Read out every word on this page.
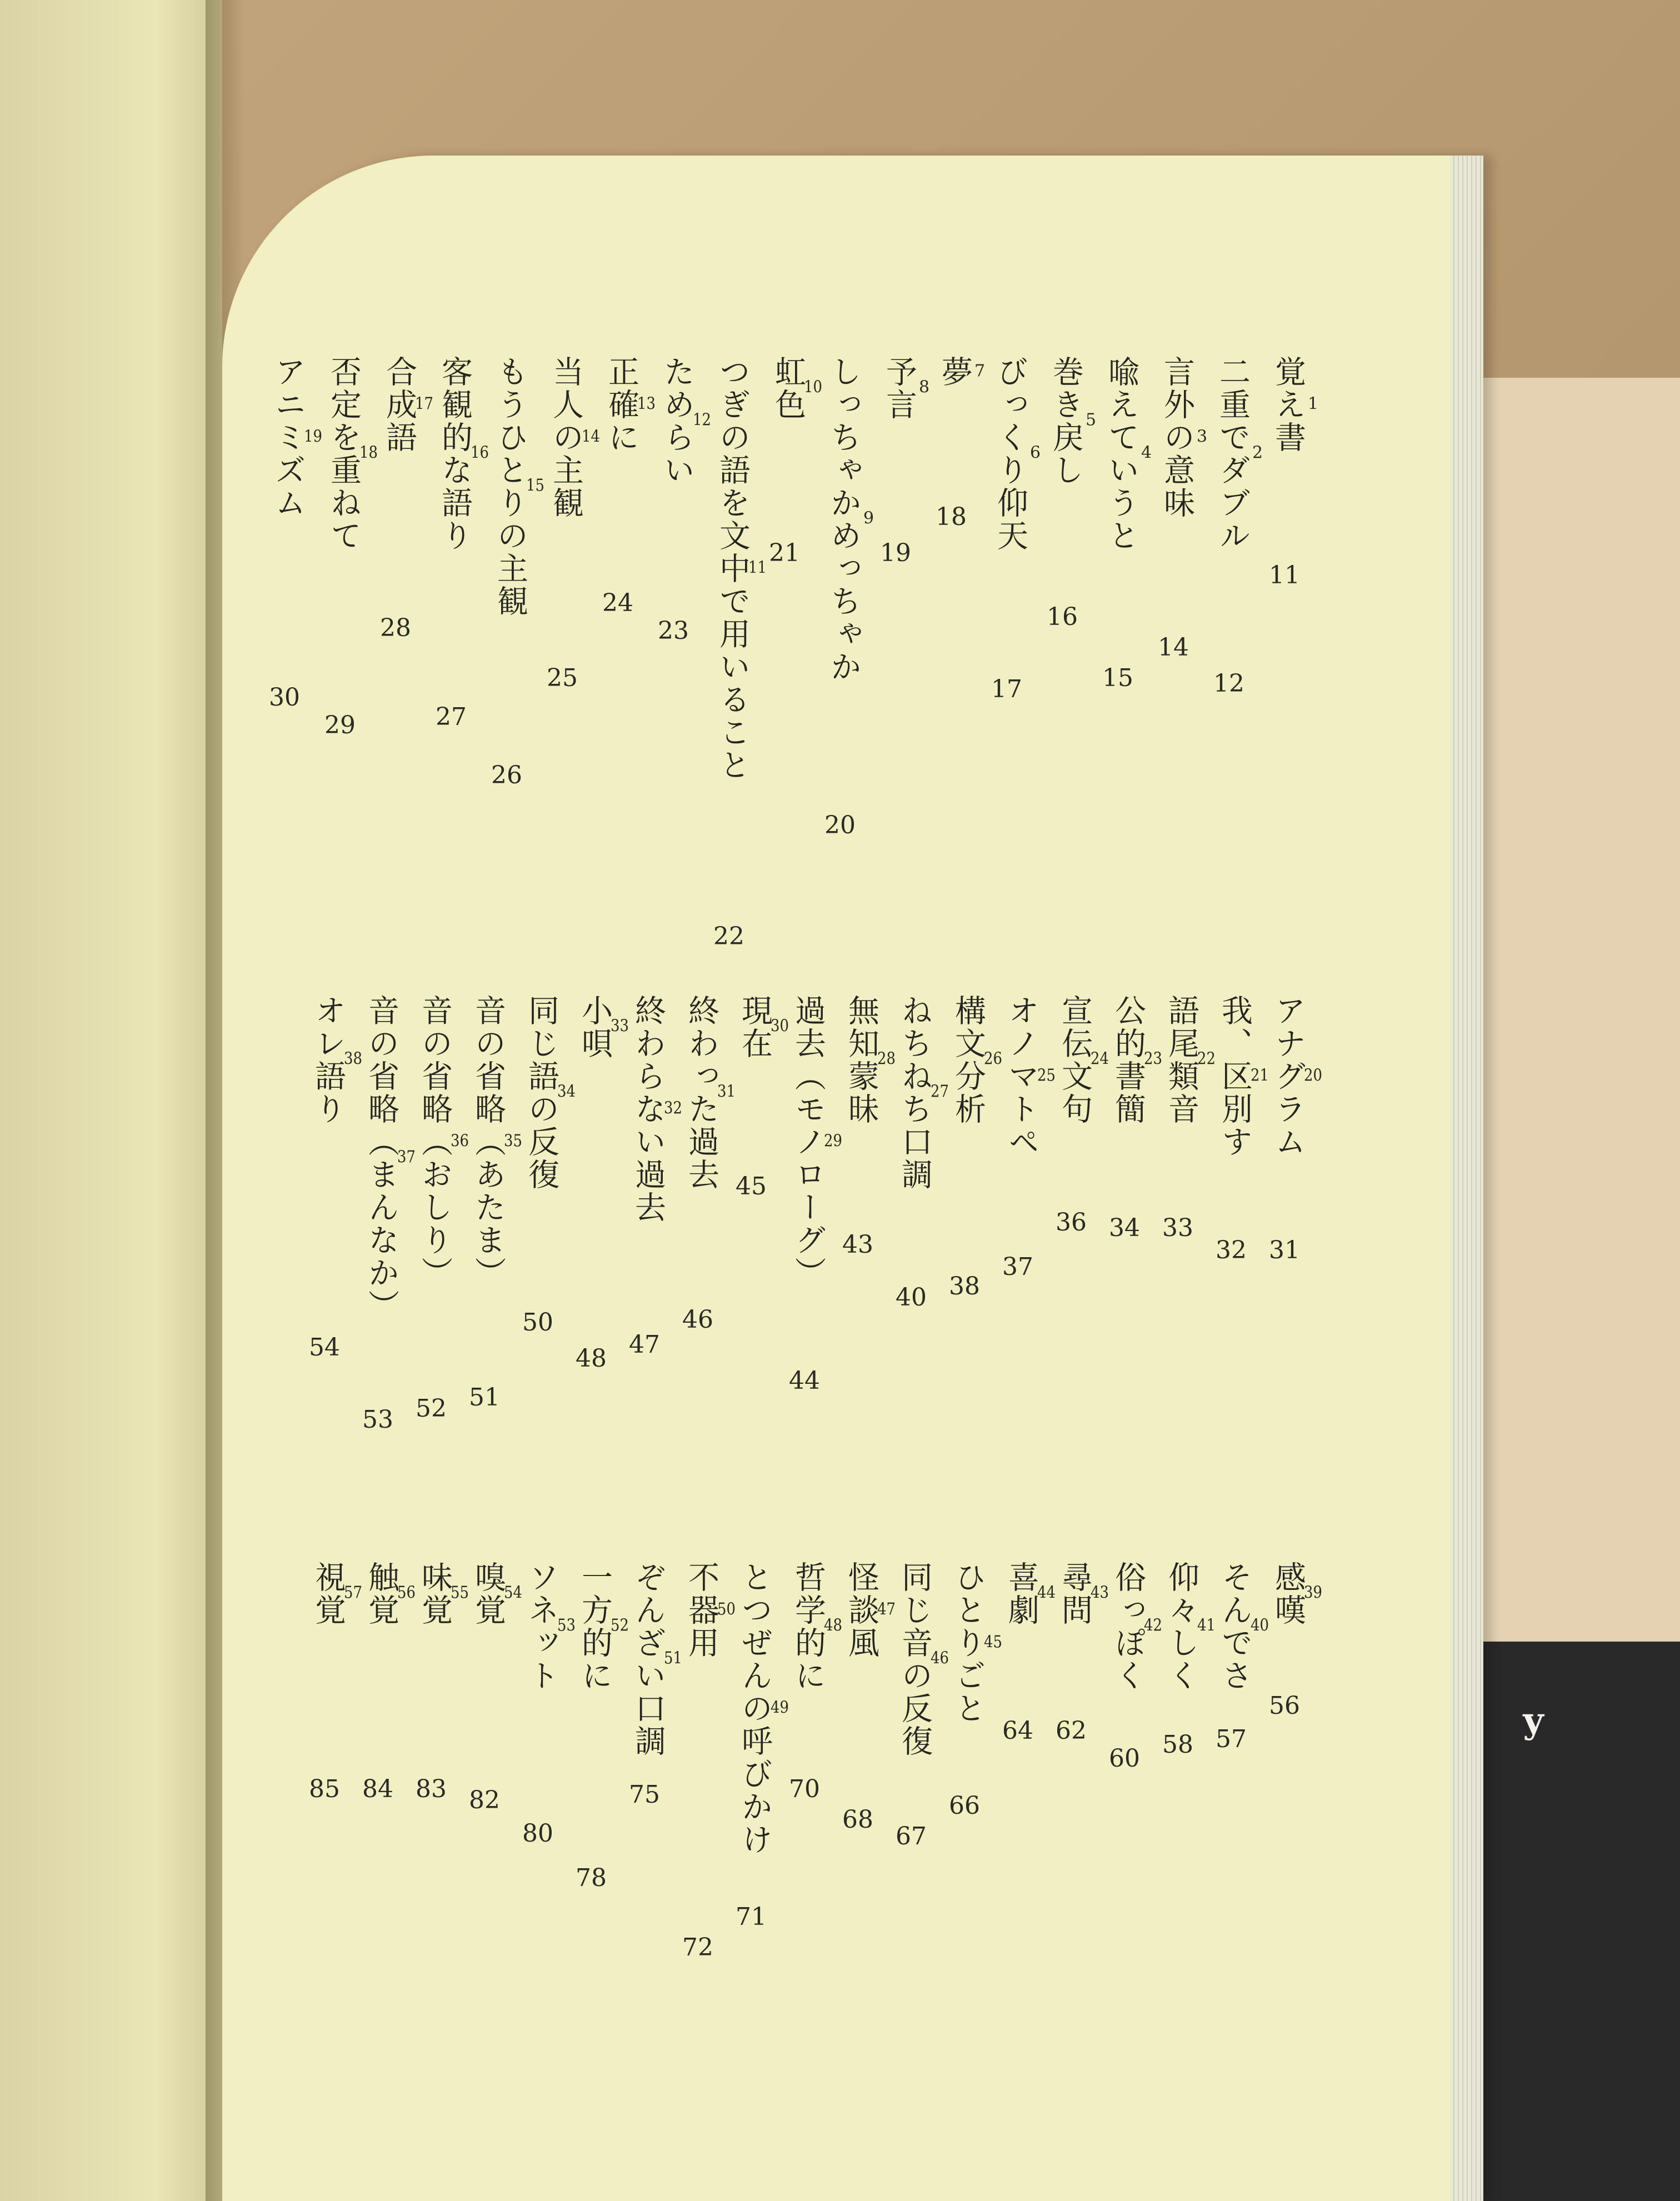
y
1
覚え書
11
2
二重でダブル
12
3
言外の意味
14
4
喩えていうと
15
5
巻き戻し
16
6
びっくり仰天
17
7
夢
18
8
予言
19
9
しっちゃかめっちゃか
20
10
虹色
21
11
つぎの語を文中で用いること
22
12
ためらい
23
13
正確に
24
14
当人の主観
25
15
もうひとりの主観
26
16
客観的な語り
27
17
合成語
28
18
否定を重ねて
29
19
アニミズム
30
20
アナグラム
31
21
我、区別す
32
22
語尾類音
33
23
公的書簡
34
24
宣伝文句
36
25
オノマトペ
37
26
構文分析
38
27
ねちねち口調
40
28
無知蒙昧
43
29
過去（モノローグ）
44
30
現在
45
31
終わった過去
46
32
終わらない過去
47
33
小唄
48
34
同じ語の反復
50
35
音の省略（あたま）
51
36
音の省略（おしり）
52
37
音の省略（まんなか）
53
38
オレ語り
54
39
感嘆
56
40
そんでさ
57
41
仰々しく
58
42
俗っぽく
60
43
尋問
62
44
喜劇
64
45
ひとりごと
66
46
同じ音の反復
67
47
怪談風
68
48
哲学的に
70
49
とつぜんの呼びかけ
71
50
不器用
72
51
ぞんざい口調
75
52
一方的に
78
53
ソネット
80
54
嗅覚
82
55
味覚
83
56
触覚
84
57
視覚
85
